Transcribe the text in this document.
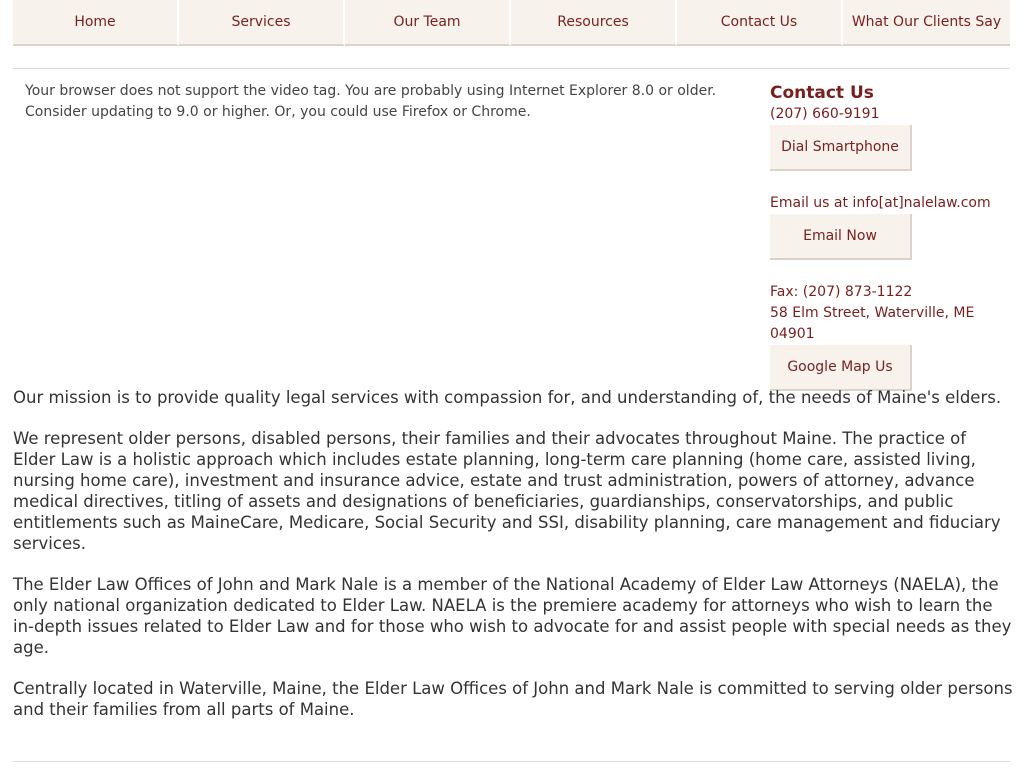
Home	Services	Our Team	Resources	Contact Us	What Our Clients Say
Your browser does not support the video tag. You are probably using Internet Explorer 8.0 or older. Consider updating to 9.0 or higher. Or, you could use Firefox or Chrome.
Contact Us
(207) 660-9191
Dial Smartphone
Email us at info[at]nalelaw.com
Email Now
Fax: (207) 873-1122
58 Elm Street, Waterville, ME 04901
Google Map Us

Our mission is to provide quality legal services with compassion for, and understanding of, the needs of Maine's elders.

We represent older persons, disabled persons, their families and their advocates throughout Maine. The practice of Elder Law is a holistic approach which includes estate planning, long-term care planning (home care, assisted living, nursing home care), investment and insurance advice, estate and trust administration, powers of attorney, advance medical directives, titling of assets and designations of beneficiaries, guardianships, conservatorships, and public entitlements such as MaineCare, Medicare, Social Security and SSI, disability planning, care management and fiduciary services.

The Elder Law Offices of John and Mark Nale is a member of the National Academy of Elder Law Attorneys (NAELA), the only national organization dedicated to Elder Law. NAELA is the premiere academy for attorneys who wish to learn the in-depth issues related to Elder Law and for those who wish to advocate for and assist people with special needs as they age.

Centrally located in Waterville, Maine, the Elder Law Offices of John and Mark Nale is committed to serving older persons and their families from all parts of Maine.
